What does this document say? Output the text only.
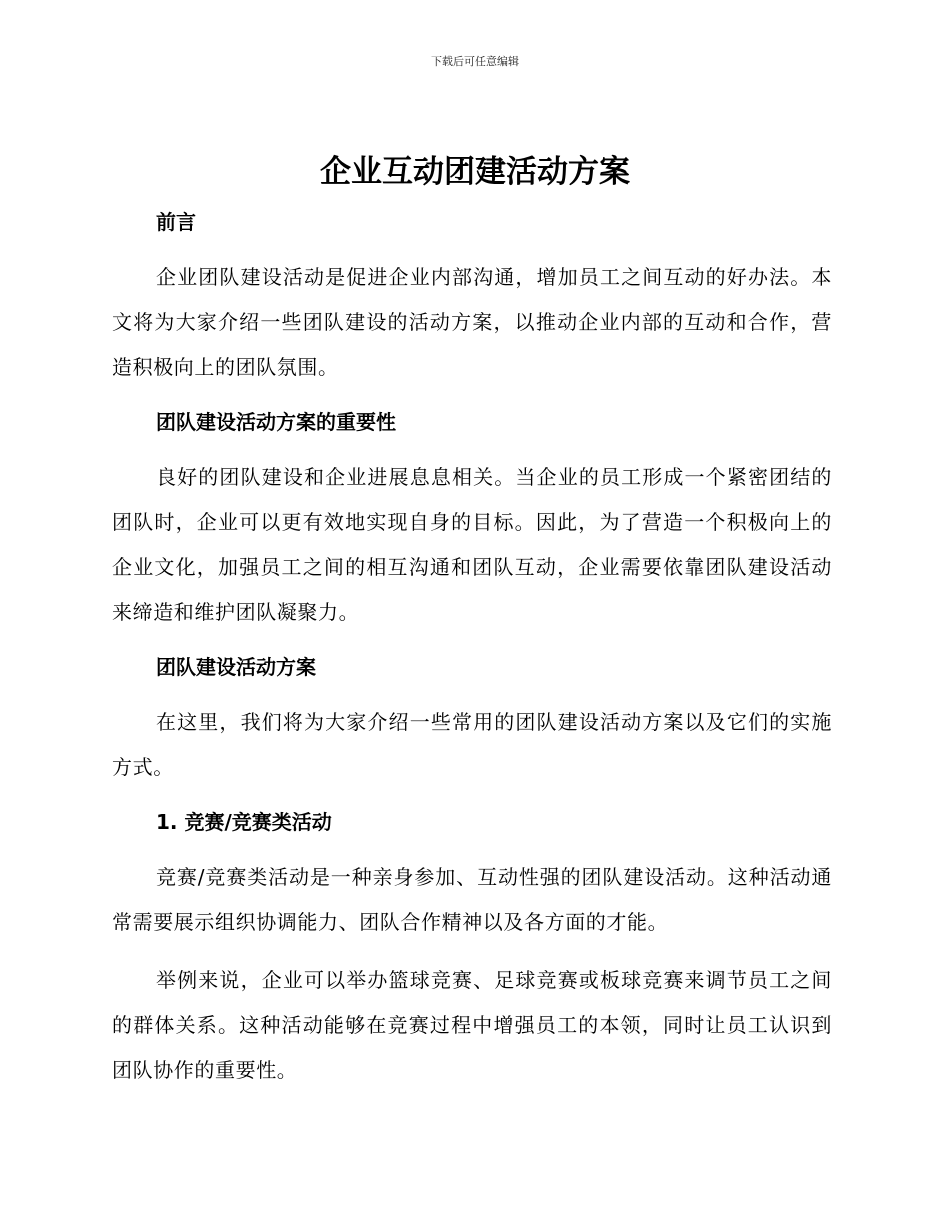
下载后可任意编辑
企业互动团建活动方案
前言

企业团队建设活动是促进企业内部沟通，增加员工之间互动的好办法。本文将为大家介绍一些团队建设的活动方案，以推动企业内部的互动和合作，营造积极向上的团队氛围。

团队建设活动方案的重要性

良好的团队建设和企业进展息息相关。当企业的员工形成一个紧密团结的团队时，企业可以更有效地实现自身的目标。因此，为了营造一个积极向上的企业文化，加强员工之间的相互沟通和团队互动，企业需要依靠团队建设活动来缔造和维护团队凝聚力。

团队建设活动方案

在这里，我们将为大家介绍一些常用的团队建设活动方案以及它们的实施方式。

1. 竞赛/竞赛类活动

竞赛/竞赛类活动是一种亲身参加、互动性强的团队建设活动。这种活动通常需要展示组织协调能力、团队合作精神以及各方面的才能。

举例来说，企业可以举办篮球竞赛、足球竞赛或板球竞赛来调节员工之间的群体关系。这种活动能够在竞赛过程中增强员工的本领，同时让员工认识到团队协作的重要性。
